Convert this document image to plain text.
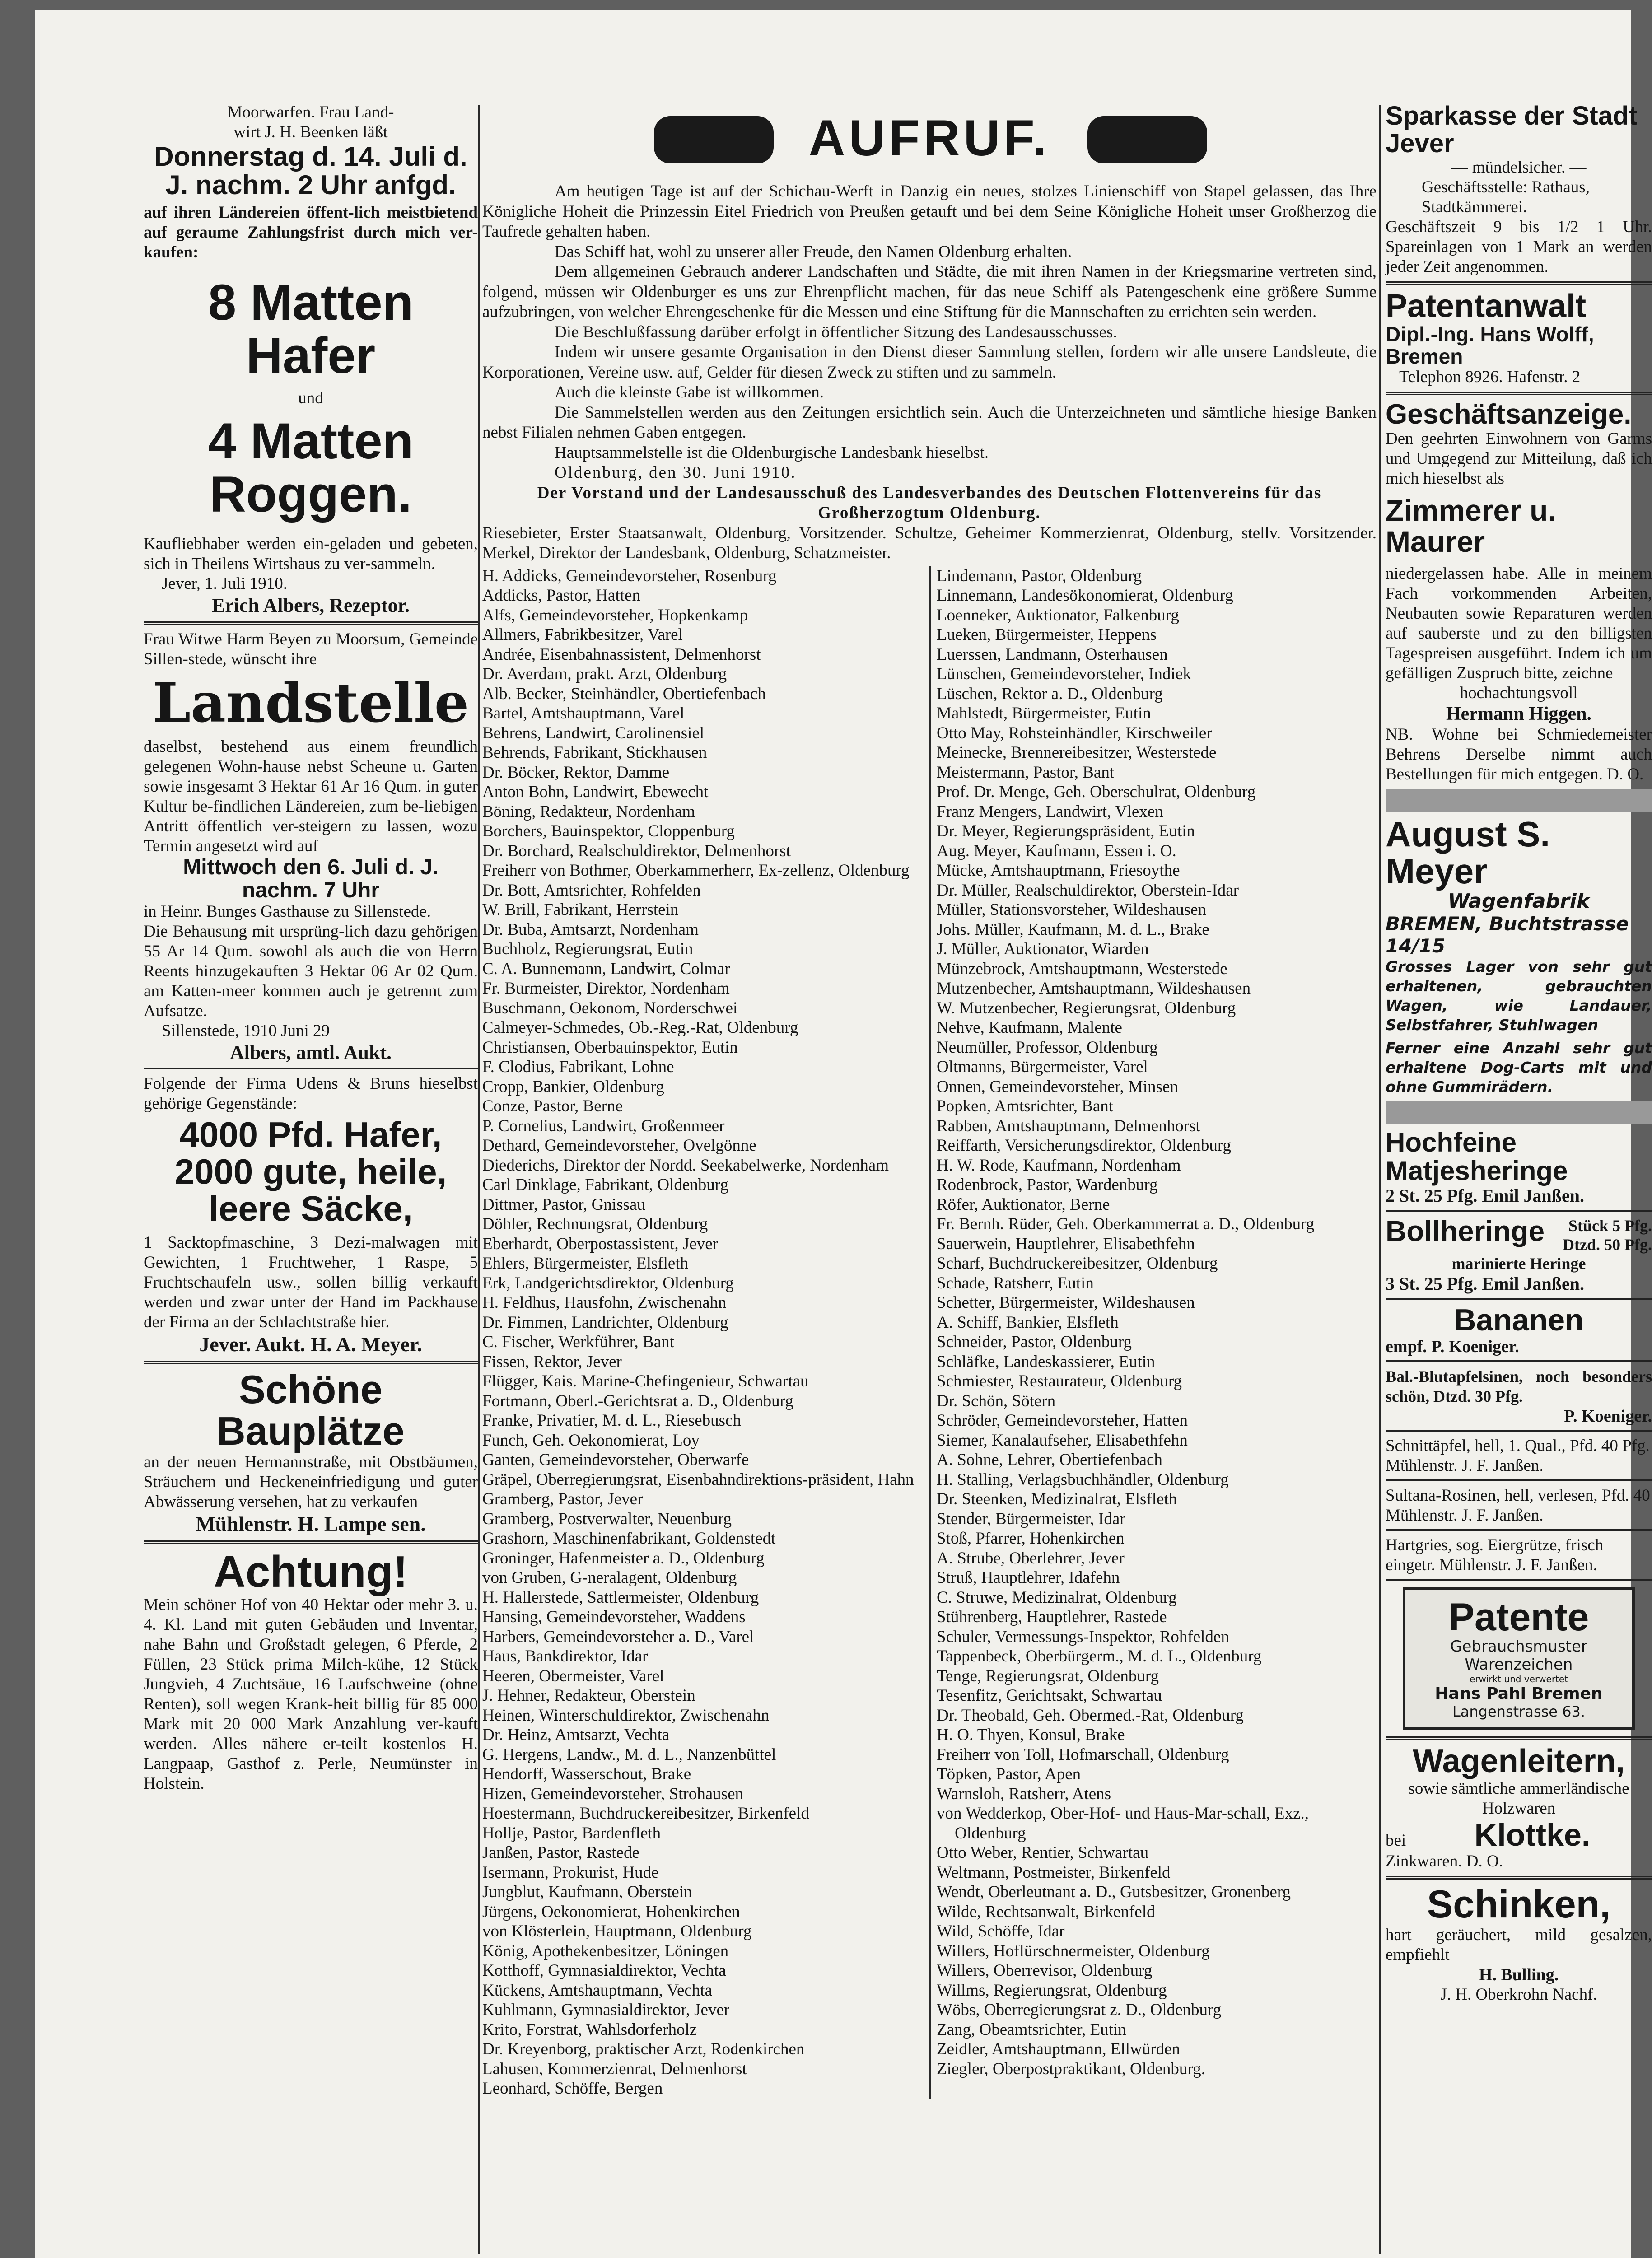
Moorwarfen. Frau Land-
wirt J. H. Beenken läßt

Donnerstag d. 14. Juli d. J. nachm. 2 Uhr anfgd.

auf ihren Ländereien öffent-lich meistbietend auf geraume Zahlungsfrist durch mich ver-kaufen:

8 Matten Hafer

und

4 Matten Roggen.

Kaufliebhaber werden ein-geladen und gebeten, sich in Theilens Wirtshaus zu ver-sammeln.

Jever, 1. Juli 1910.

Erich Albers, Rezeptor.

Frau Witwe Harm Beyen zu Moorsum, Gemeinde Sillen-stede, wünscht ihre

Landstelle

daselbst, bestehend aus einem freundlich gelegenen Wohn-hause nebst Scheune u. Garten sowie insgesamt 3 Hektar 61 Ar 16 Qum. in guter Kultur be-findlichen Ländereien, zum be-liebigen Antritt öffentlich ver-steigern zu lassen, wozu Termin angesetzt wird auf

Mittwoch den 6. Juli d. J. nachm. 7 Uhr

in Heinr. Bunges Gasthause zu Sillenstede.

Die Behausung mit ursprüng-lich dazu gehörigen 55 Ar 14 Qum. sowohl als auch die von Herrn Reents hinzugekauften 3 Hektar 06 Ar 02 Qum. am Katten-meer kommen auch je getrennt zum Aufsatze.

Sillenstede, 1910 Juni 29

Albers, amtl. Aukt.

Folgende der Firma Udens & Bruns hieselbst gehörige Gegenstände:

4000 Pfd. Hafer,

2000 gute, heile, leere Säcke,

1 Sacktopfmaschine, 3 Dezi-malwagen mit Gewichten, 1 Fruchtweher, 1 Raspe, 5 Fruchtschaufeln usw., sollen billig verkauft werden und zwar unter der Hand im Packhause der Firma an der Schlachtstraße hier.

Jever. Aukt. H. A. Meyer.

Schöne Bauplätze

an der neuen Hermannstraße, mit Obstbäumen, Sträuchern und Heckeneinfriedigung und guter Abwässerung versehen, hat zu verkaufen

Mühlenstr. H. Lampe sen.

Achtung!

Mein schöner Hof von 40 Hektar oder mehr 3. u. 4. Kl. Land mit guten Gebäuden und Inventar, nahe Bahn und Großstadt gelegen, 6 Pferde, 2 Füllen, 23 Stück prima Milch-kühe, 12 Stück Jungvieh, 4 Zuchtsäue, 16 Laufschweine (ohne Renten), soll wegen Krank-heit billig für 85 000 Mark mit 20 000 Mark Anzahlung ver-kauft werden. Alles nähere er-teilt kostenlos H. Langpaap, Gasthof z. Perle, Neumünster in Holstein.

AUFRUF.

Am heutigen Tage ist auf der Schichau-Werft in Danzig ein neues, stolzes Linienschiff von Stapel gelassen, das Ihre Königliche Hoheit die Prinzessin Eitel Friedrich von Preußen getauft und bei dem Seine Königliche Hoheit unser Großherzog die Taufrede gehalten haben.

Das Schiff hat, wohl zu unserer aller Freude, den Namen Oldenburg erhalten.

Dem allgemeinen Gebrauch anderer Landschaften und Städte, die mit ihren Namen in der Kriegsmarine vertreten sind, folgend, müssen wir Oldenburger es uns zur Ehrenpflicht machen, für das neue Schiff als Patengeschenk eine größere Summe aufzubringen, von welcher Ehrengeschenke für die Messen und eine Stiftung für die Mannschaften zu errichten sein werden.

Die Beschlußfassung darüber erfolgt in öffentlicher Sitzung des Landesausschusses.

Indem wir unsere gesamte Organisation in den Dienst dieser Sammlung stellen, fordern wir alle unsere Landsleute, die Korporationen, Vereine usw. auf, Gelder für diesen Zweck zu stiften und zu sammeln.

Auch die kleinste Gabe ist willkommen.

Die Sammelstellen werden aus den Zeitungen ersichtlich sein. Auch die Unterzeichneten und sämtliche hiesige Banken nebst Filialen nehmen Gaben entgegen.

Hauptsammelstelle ist die Oldenburgische Landesbank hieselbst.

Oldenburg, den 30. Juni 1910.

Der Vorstand und der Landesausschuß des Landesverbandes des Deutschen Flottenvereins für das Großherzogtum Oldenburg.

Riesebieter, Erster Staatsanwalt, Oldenburg, Vorsitzender. Schultze, Geheimer Kommerzienrat, Oldenburg, stellv. Vorsitzender. Merkel, Direktor der Landesbank, Oldenburg, Schatzmeister.

H. Addicks, Gemeindevorsteher, Rosenburg

Addicks, Pastor, Hatten

Alfs, Gemeindevorsteher, Hopkenkamp

Allmers, Fabrikbesitzer, Varel

Andrée, Eisenbahnassistent, Delmenhorst

Dr. Averdam, prakt. Arzt, Oldenburg

Alb. Becker, Steinhändler, Obertiefenbach

Bartel, Amtshauptmann, Varel

Behrens, Landwirt, Carolinensiel

Behrends, Fabrikant, Stickhausen

Dr. Böcker, Rektor, Damme

Anton Bohn, Landwirt, Ebewecht

Böning, Redakteur, Nordenham

Borchers, Bauinspektor, Cloppenburg

Dr. Borchard, Realschuldirektor, Delmenhorst

Freiherr von Bothmer, Oberkammerherr, Ex-zellenz, Oldenburg

Dr. Bott, Amtsrichter, Rohfelden

W. Brill, Fabrikant, Herrstein

Dr. Buba, Amtsarzt, Nordenham

Buchholz, Regierungsrat, Eutin

C. A. Bunnemann, Landwirt, Colmar

Fr. Burmeister, Direktor, Nordenham

Buschmann, Oekonom, Norderschwei

Calmeyer-Schmedes, Ob.-Reg.-Rat, Oldenburg

Christiansen, Oberbauinspektor, Eutin

F. Clodius, Fabrikant, Lohne

Cropp, Bankier, Oldenburg

Conze, Pastor, Berne

P. Cornelius, Landwirt, Großenmeer

Dethard, Gemeindevorsteher, Ovelgönne

Diederichs, Direktor der Nordd. Seekabelwerke, Nordenham

Carl Dinklage, Fabrikant, Oldenburg

Dittmer, Pastor, Gnissau

Döhler, Rechnungsrat, Oldenburg

Eberhardt, Oberpostassistent, Jever

Ehlers, Bürgermeister, Elsfleth

Erk, Landgerichtsdirektor, Oldenburg

H. Feldhus, Hausfohn, Zwischenahn

Dr. Fimmen, Landrichter, Oldenburg

C. Fischer, Werkführer, Bant

Fissen, Rektor, Jever

Flügger, Kais. Marine-Chefingenieur, Schwartau

Fortmann, Oberl.-Gerichtsrat a. D., Oldenburg

Franke, Privatier, M. d. L., Riesebusch

Funch, Geh. Oekonomierat, Loy

Ganten, Gemeindevorsteher, Oberwarfe

Gräpel, Oberregierungsrat, Eisenbahndirektions-präsident, Hahn

Gramberg, Pastor, Jever

Gramberg, Postverwalter, Neuenburg

Grashorn, Maschinenfabrikant, Goldenstedt

Groninger, Hafenmeister a. D., Oldenburg

von Gruben, G-neralagent, Oldenburg

H. Hallerstede, Sattlermeister, Oldenburg

Hansing, Gemeindevorsteher, Waddens

Harbers, Gemeindevorsteher a. D., Varel

Haus, Bankdirektor, Idar

Heeren, Obermeister, Varel

J. Hehner, Redakteur, Oberstein

Heinen, Winterschuldirektor, Zwischenahn

Dr. Heinz, Amtsarzt, Vechta

G. Hergens, Landw., M. d. L., Nanzenbüttel

Hendorff, Wasserschout, Brake

Hizen, Gemeindevorsteher, Strohausen

Hoestermann, Buchdruckereibesitzer, Birkenfeld

Hollje, Pastor, Bardenfleth

Janßen, Pastor, Rastede

Isermann, Prokurist, Hude

Jungblut, Kaufmann, Oberstein

Jürgens, Oekonomierat, Hohenkirchen

von Klösterlein, Hauptmann, Oldenburg

König, Apothekenbesitzer, Löningen

Kotthoff, Gymnasialdirektor, Vechta

Kückens, Amtshauptmann, Vechta

Kuhlmann, Gymnasialdirektor, Jever

Krito, Forstrat, Wahlsdorferholz

Dr. Kreyenborg, praktischer Arzt, Rodenkirchen

Lahusen, Kommerzienrat, Delmenhorst

Leonhard, Schöffe, Bergen

Lindemann, Pastor, Oldenburg

Linnemann, Landesökonomierat, Oldenburg

Loenneker, Auktionator, Falkenburg

Lueken, Bürgermeister, Heppens

Luerssen, Landmann, Osterhausen

Lünschen, Gemeindevorsteher, Indiek

Lüschen, Rektor a. D., Oldenburg

Mahlstedt, Bürgermeister, Eutin

Otto May, Rohsteinhändler, Kirschweiler

Meinecke, Brennereibesitzer, Westerstede

Meistermann, Pastor, Bant

Prof. Dr. Menge, Geh. Oberschulrat, Oldenburg

Franz Mengers, Landwirt, Vlexen

Dr. Meyer, Regierungspräsident, Eutin

Aug. Meyer, Kaufmann, Essen i. O.

Mücke, Amtshauptmann, Friesoythe

Dr. Müller, Realschuldirektor, Oberstein-Idar

Müller, Stationsvorsteher, Wildeshausen

Johs. Müller, Kaufmann, M. d. L., Brake

J. Müller, Auktionator, Wiarden

Münzebrock, Amtshauptmann, Westerstede

Mutzenbecher, Amtshauptmann, Wildeshausen

W. Mutzenbecher, Regierungsrat, Oldenburg

Nehve, Kaufmann, Malente

Neumüller, Professor, Oldenburg

Oltmanns, Bürgermeister, Varel

Onnen, Gemeindevorsteher, Minsen

Popken, Amtsrichter, Bant

Rabben, Amtshauptmann, Delmenhorst

Reiffarth, Versicherungsdirektor, Oldenburg

H. W. Rode, Kaufmann, Nordenham

Rodenbrock, Pastor, Wardenburg

Röfer, Auktionator, Berne

Fr. Bernh. Rüder, Geh. Oberkammerrat a. D., Oldenburg

Sauerwein, Hauptlehrer, Elisabethfehn

Scharf, Buchdruckereibesitzer, Oldenburg

Schade, Ratsherr, Eutin

Schetter, Bürgermeister, Wildeshausen

A. Schiff, Bankier, Elsfleth

Schneider, Pastor, Oldenburg

Schläfke, Landeskassierer, Eutin

Schmiester, Restaurateur, Oldenburg

Dr. Schön, Sötern

Schröder, Gemeindevorsteher, Hatten

Siemer, Kanalaufseher, Elisabethfehn

A. Sohne, Lehrer, Obertiefenbach

H. Stalling, Verlagsbuchhändler, Oldenburg

Dr. Steenken, Medizinalrat, Elsfleth

Stender, Bürgermeister, Idar

Stoß, Pfarrer, Hohenkirchen

A. Strube, Oberlehrer, Jever

Struß, Hauptlehrer, Idafehn

C. Struwe, Medizinalrat, Oldenburg

Stührenberg, Hauptlehrer, Rastede

Schuler, Vermessungs-Inspektor, Rohfelden

Tappenbeck, Oberbürgerm., M. d. L., Oldenburg

Tenge, Regierungsrat, Oldenburg

Tesenfitz, Gerichtsakt, Schwartau

Dr. Theobald, Geh. Obermed.-Rat, Oldenburg

H. O. Thyen, Konsul, Brake

Freiherr von Toll, Hofmarschall, Oldenburg

Töpken, Pastor, Apen

Warnsloh, Ratsherr, Atens

von Wedderkop, Ober-Hof- und Haus-Mar-schall, Exz., Oldenburg

Otto Weber, Rentier, Schwartau

Weltmann, Postmeister, Birkenfeld

Wendt, Oberleutnant a. D., Gutsbesitzer, Gronenberg

Wilde, Rechtsanwalt, Birkenfeld

Wild, Schöffe, Idar

Willers, Hoflürschnermeister, Oldenburg

Willers, Oberrevisor, Oldenburg

Willms, Regierungsrat, Oldenburg

Wöbs, Oberregierungsrat z. D., Oldenburg

Zang, Obeamtsrichter, Eutin

Zeidler, Amtshauptmann, Ellwürden

Ziegler, Oberpostpraktikant, Oldenburg.

Sparkasse der Stadt Jever

— mündelsicher. —

Geschäftsstelle: Rathaus, Stadtkämmerei.

Geschäftszeit 9 bis 1/2 1 Uhr. Spareinlagen von 1 Mark an werden jeder Zeit angenommen.

Patentanwalt

Dipl.-Ing. Hans Wolff, Bremen

Telephon 8926. Hafenstr. 2

Geschäftsanzeige.

Den geehrten Einwohnern von Garms und Umgegend zur Mitteilung, daß ich mich hieselbst als

Zimmerer u. Maurer

niedergelassen habe. Alle in meinem Fach vorkommenden Arbeiten, Neubauten sowie Reparaturen werden auf sauberste und zu den billigsten Tagespreisen ausgeführt. Indem ich um gefälligen Zuspruch bitte, zeichne

hochachtungsvoll

Hermann Higgen.

NB. Wohne bei Schmiedemeister Behrens Derselbe nimmt auch Bestellungen für mich entgegen. D. O.

August S. Meyer

Wagenfabrik

BREMEN, Buchtstrasse 14/15

Grosses Lager von sehr gut erhaltenen, gebrauchten Wagen, wie Landauer, Selbstfahrer, Stuhlwagen

Ferner eine Anzahl sehr gut erhaltene Dog-Carts mit und ohne Gummirädern.

Hochfeine Matjesheringe

2 St. 25 Pfg. Emil Janßen.

Bollheringe	Stück 5 Pfg.

Dtzd. 50 Pfg.

marinierte Heringe

3 St. 25 Pfg. Emil Janßen.

Bananen

empf. P. Koeniger.

Bal.-Blutapfelsinen, noch besonders schön, Dtzd. 30 Pfg.

P. Koeniger.

Schnittäpfel, hell, 1. Qual., Pfd. 40 Pfg. Mühlenstr. J. F. Janßen.

Sultana-Rosinen, hell, verlesen, Pfd. 40 Mühlenstr. J. F. Janßen.

Hartgries, sog. Eiergrütze, frisch eingetr. Mühlenstr. J. F. Janßen.

Patente

Gebrauchsmuster

Warenzeichen

erwirkt und verwertet

Hans Pahl Bremen

Langenstrasse 63.

Wagenleitern,

sowie sämtliche ammerländische Holzwaren

bei	Klottke.

Zinkwaren. D. O.

Schinken,

hart geräuchert, mild gesalzen, empfiehlt

H. Bulling.

J. H. Oberkrohn Nachf.
